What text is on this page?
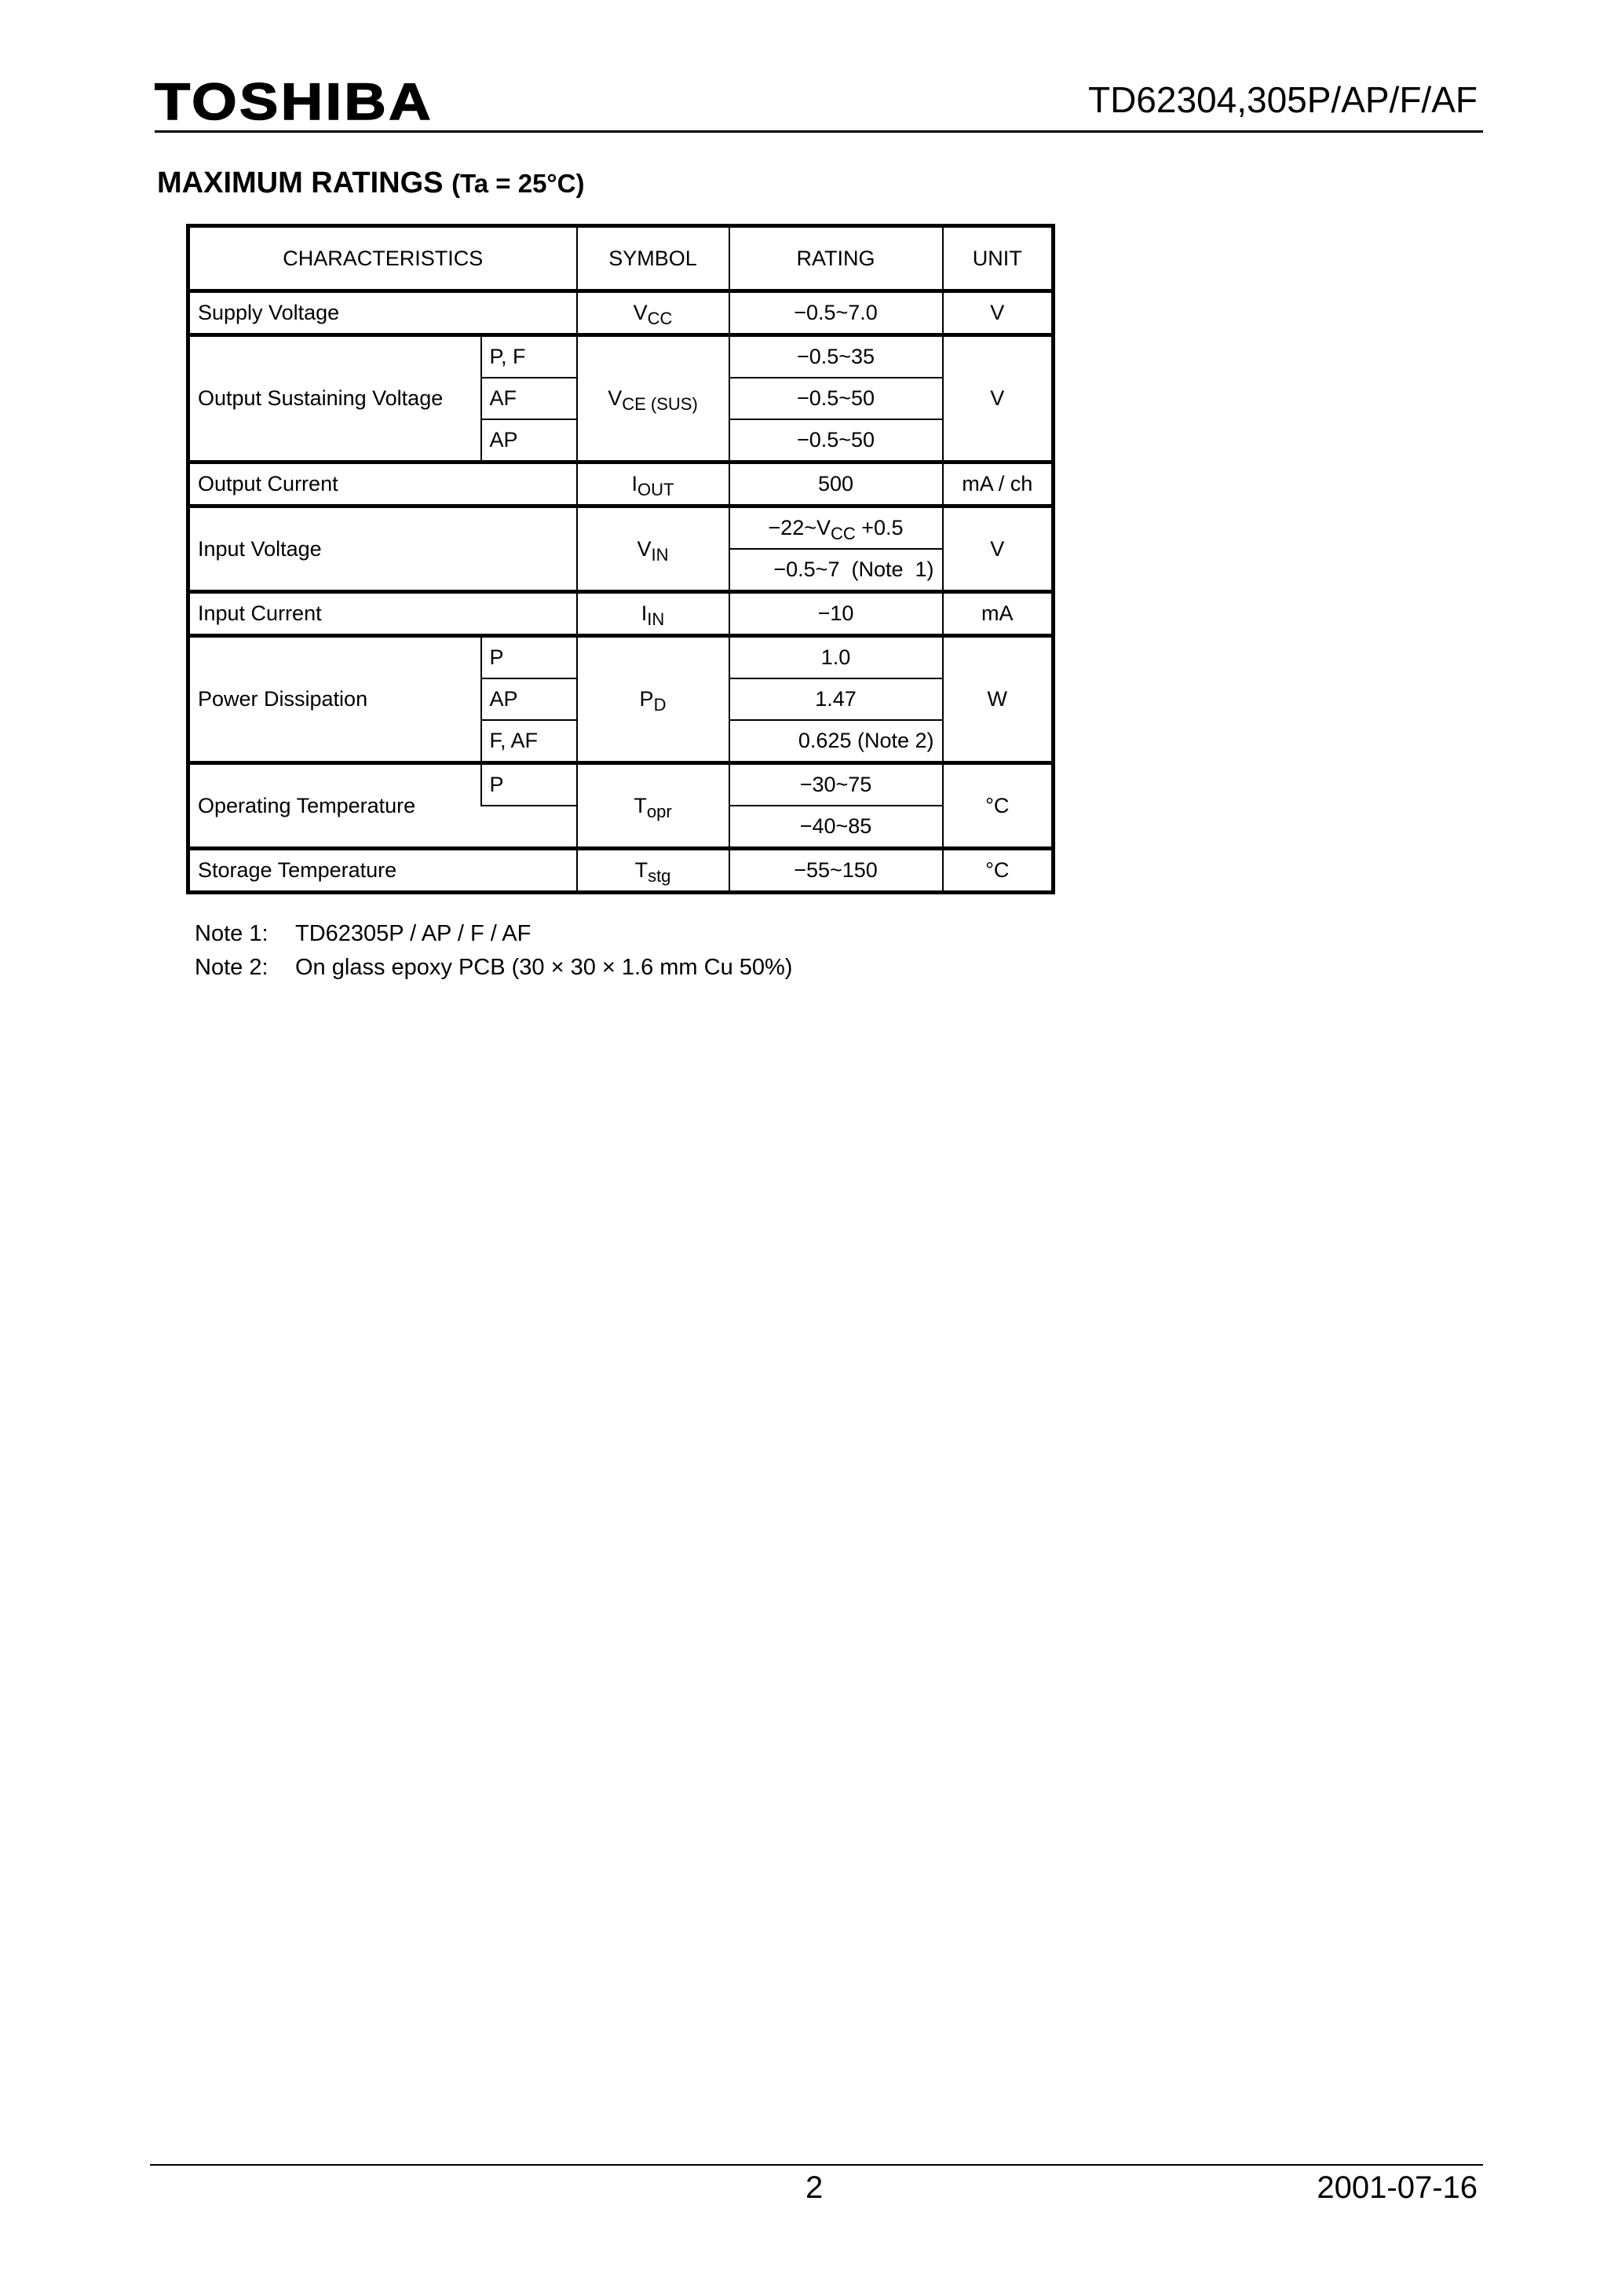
TOSHIBA	TD62304,305P/AP/F/AF
MAXIMUM RATINGS (Ta = 25°C)
CHARACTERISTICS		SYMBOL	RATING	UNIT
Supply Voltage		$V_{CC}$	−0.5~7.0	V
Output Sustaining Voltage	P, F	$V_{CE (SUS)}$	−0.5~35	V
	AF		−0.5~50	
	AP		−0.5~50	
Output Current		$I_{OUT}$	500	mA / ch
Input Voltage		$V_{IN}$	$-22\sim V_{CC} +0.5$	V
			−0.5~7  (Note  1)	
Input Current		$I_{IN}$	−10	mA
Power Dissipation	P	$P_D$	1.0	W
	AP		1.47	
	F, AF		0.625 (Note 2)	
Operating Temperature	P	$T_{opr}$	−30~75	°C
			−40~85	
Storage Temperature		$T_{stg}$	−55~150	°C
Note 1: TD62305P / AP / F / AF
Note 2: On glass epoxy PCB (30 × 30 × 1.6 mm Cu 50%)
2	2001-07-16
